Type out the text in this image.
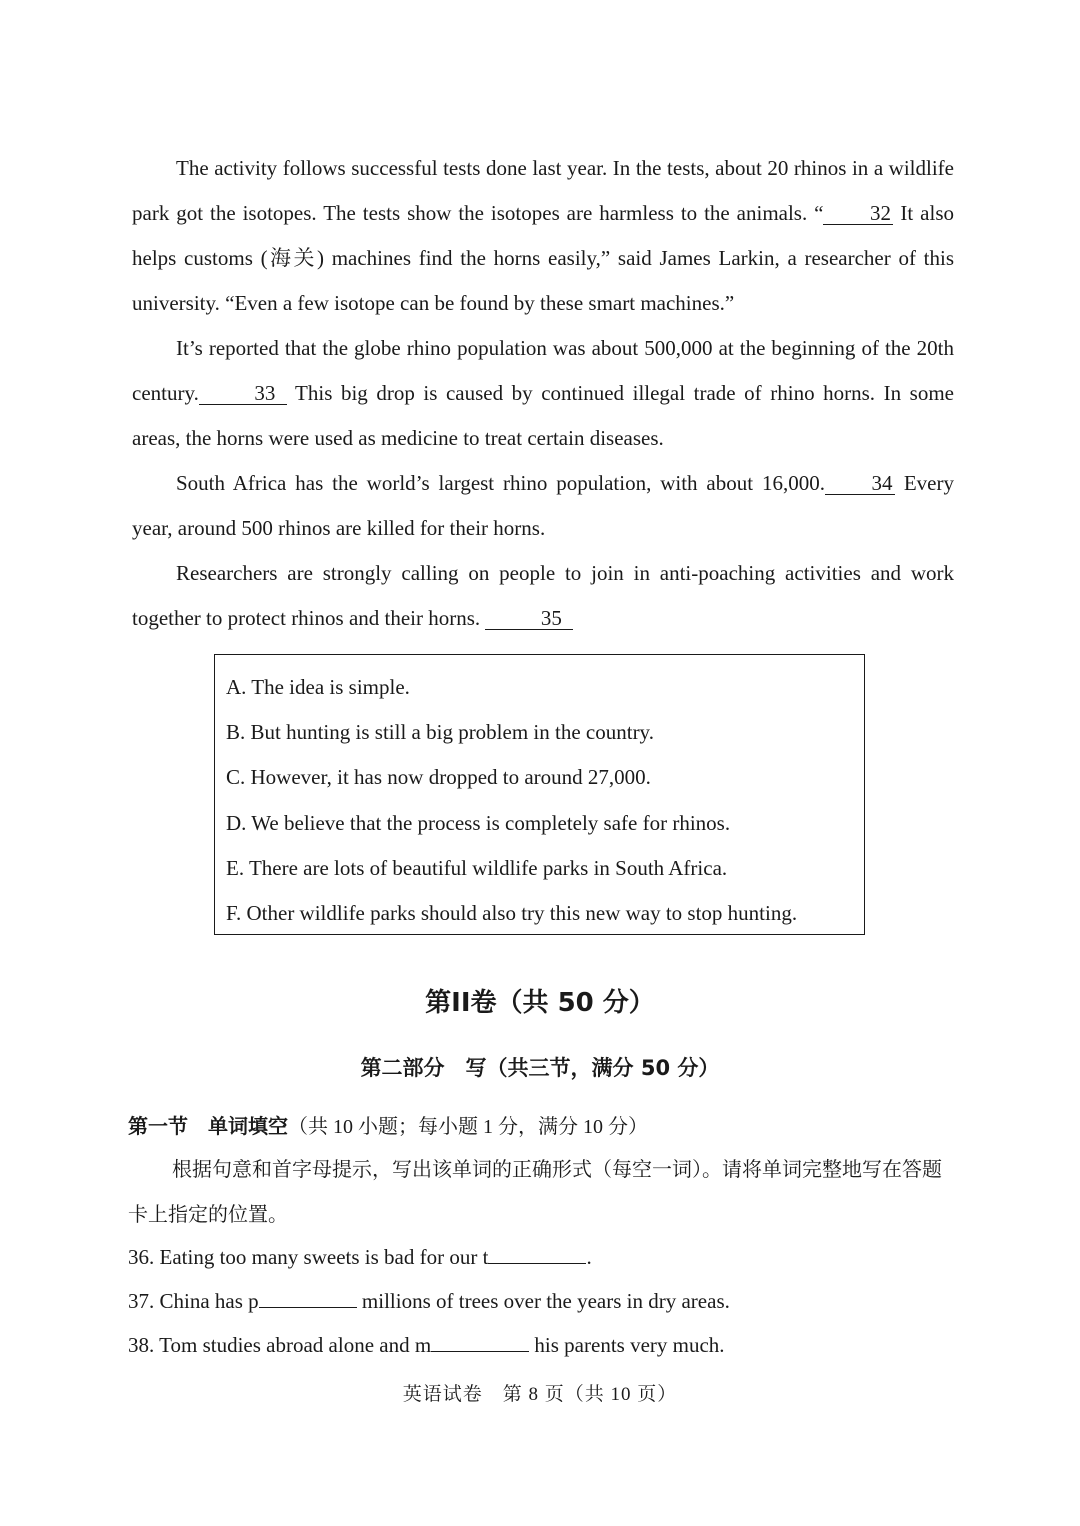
The activity follows successful tests done last year. In the tests, about 20 rhinos in a wildlife park got the isotopes. The tests show the isotopes are harmless to the animals. “ 32 It also helps customs (海关) machines find the horns easily,” said James Larkin, a researcher of this university. “Even a few isotope can be found by these smart machines.”

It’s reported that the globe rhino population was about 500,000 at the beginning of the 20th century.	33 This big drop is caused by continued illegal trade of rhino horns. In some areas, the horns were used as medicine to treat certain diseases.

South Africa has the world’s largest rhino population, with about 16,000. 34 Every year, around 500 rhinos are killed for their horns.

Researchers are strongly calling on people to join in anti-poaching activities and work together to protect rhinos and their horns.	35

A. The idea is simple.
B. But hunting is still a big problem in the country.
C. However, it has now dropped to around 27,000.
D. We believe that the process is completely safe for rhinos.
E. There are lots of beautiful wildlife parks in South Africa.
F. Other wildlife parks should also try this new way to stop hunting.
第II卷（共 50 分）
第二部分　写（共三节，满分 50 分）
第一节　单词填空（共 10 小题；每小题 1 分，满分 10 分）

根据句意和首字母提示，写出该单词的正确形式（每空一词）。请将单词完整地写在答题卡上指定的位置。

36. Eating too many sweets is bad for our t	.
37. China has p	millions of trees over the years in dry areas.
38. Tom studies abroad alone and m	his parents very much.
英语试卷　第 8 页（共 10 页）
